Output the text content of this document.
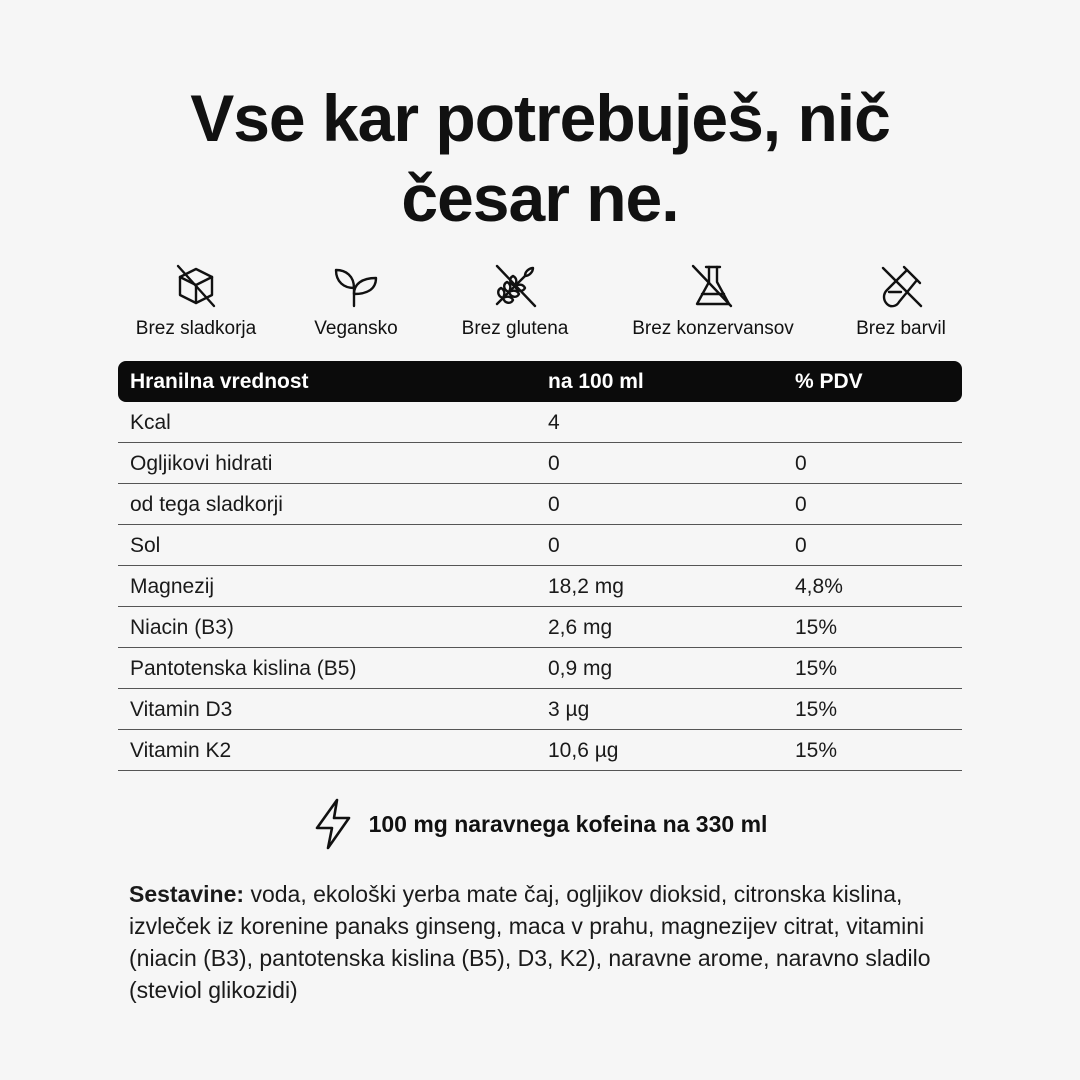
Vse kar potrebuješ, nič
česar ne.
Brez sladkorja	Vegansko	Brez glutena	Brez konzervansov	Brez barvil
Hranilna vrednost	na 100 ml	% PDV
Kcal	4
Ogljikovi hidrati	0	0
od tega sladkorji	0	0
Sol	0	0
Magnezij	18,2 mg	4,8%
Niacin (B3)	2,6 mg	15%
Pantotenska kislina (B5)	0,9 mg	15%
Vitamin D3	3 µg	15%
Vitamin K2	10,6 µg	15%
100 mg naravnega kofeina na 330 ml
Sestavine: voda, ekološki yerba mate čaj, ogljikov dioksid, citronska kislina, izvleček iz korenine panaks ginseng, maca v prahu, magnezijev citrat, vitamini (niacin (B3), pantotenska kislina (B5), D3, K2), naravne arome, naravno sladilo (steviol glikozidi)
